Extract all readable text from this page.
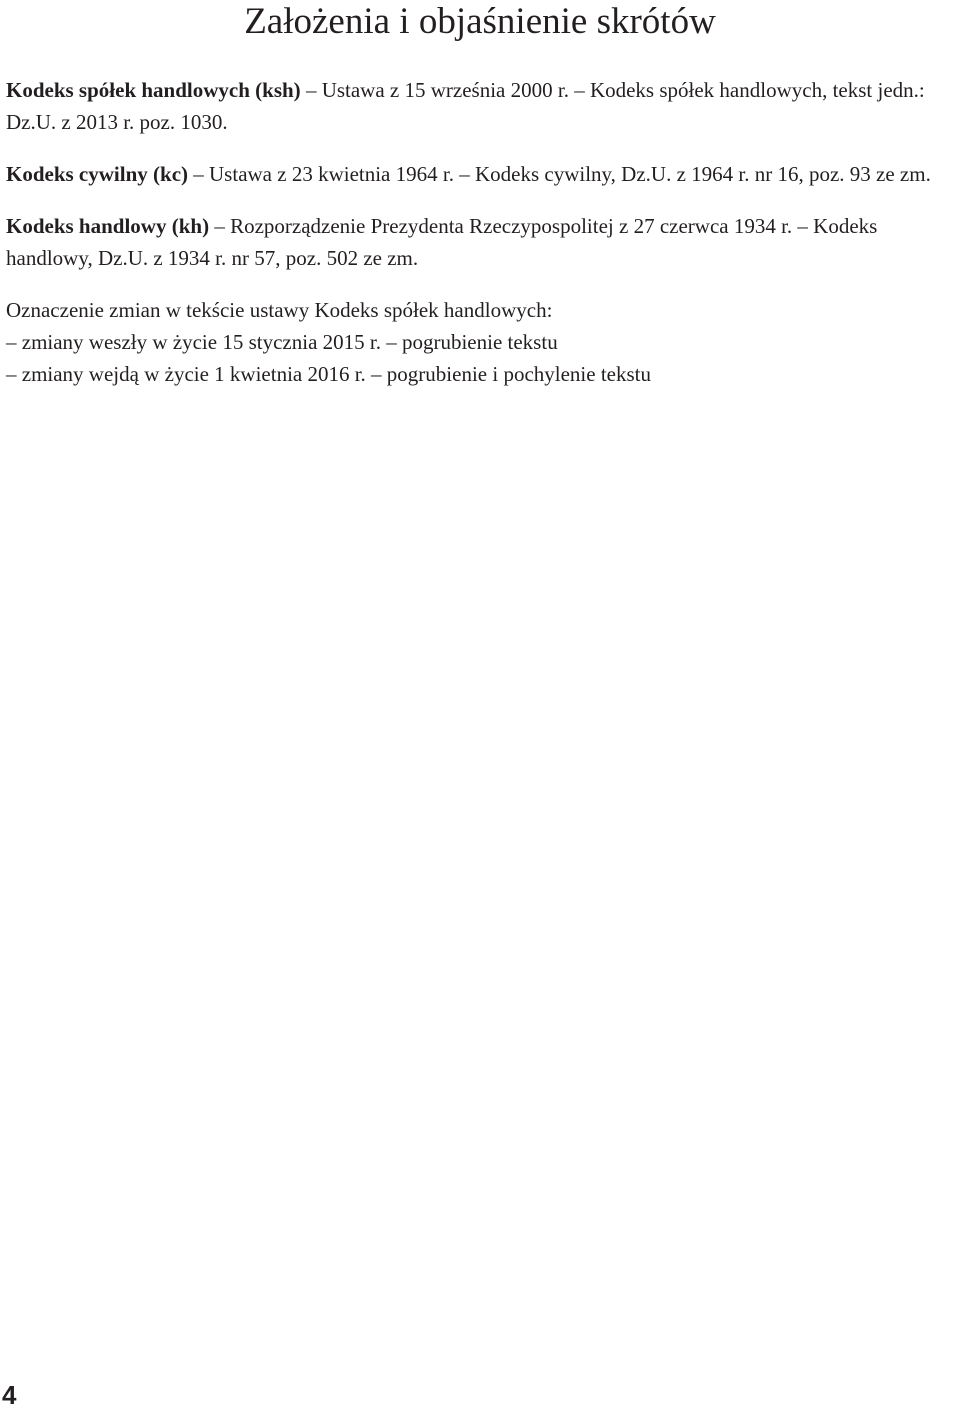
Założenia i objaśnienie skrótów

Kodeks spółek handlowych (ksh) – Ustawa z 15 września 2000 r. – Kodeks spółek handlowych, tekst jedn.: Dz.U. z 2013 r. poz. 1030.

Kodeks cywilny (kc) – Ustawa z 23 kwietnia 1964 r. – Kodeks cywilny, Dz.U. z 1964 r. nr 16, poz. 93 ze zm.

Kodeks handlowy (kh) – Rozporządzenie Prezydenta Rzeczypospolitej z 27 czerwca 1934 r. – Kodeks handlowy, Dz.U. z 1934 r. nr 57, poz. 502 ze zm.

Oznaczenie zmian w tekście ustawy Kodeks spółek handlowych:
– zmiany weszły w życie 15 stycznia 2015 r. – pogrubienie tekstu
– zmiany wejdą w życie 1 kwietnia 2016 r. – pogrubienie i pochylenie tekstu

4
